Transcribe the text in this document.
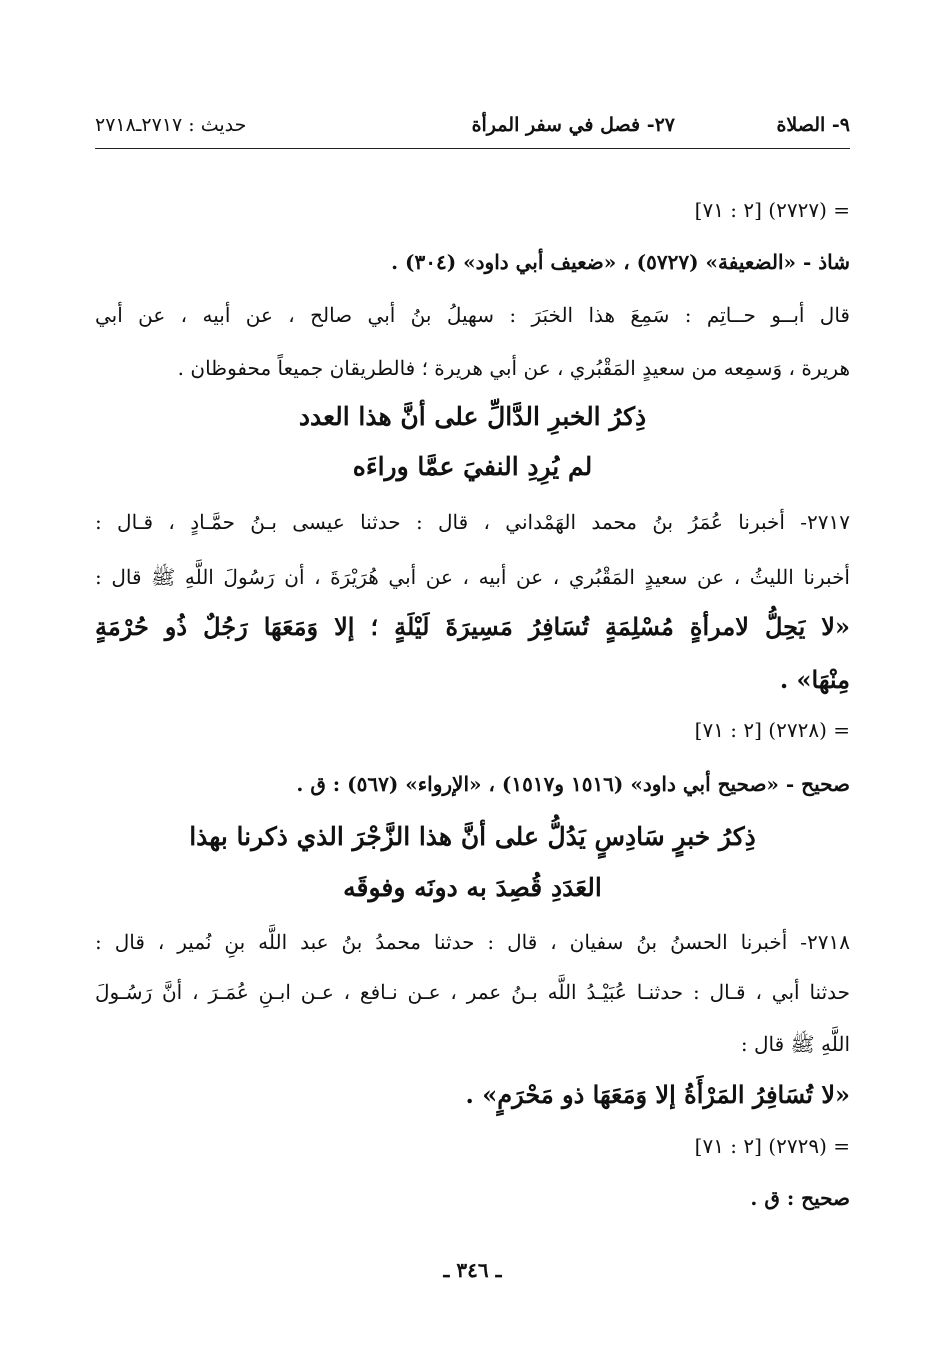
٩- الصلاة
٢٧- فصل في سفر المرأة
حديث : ٢٧١٧ـ٢٧١٨
= (٢٧٢٧) [٢ : ٧١]
شاذ - «الضعيفة» (٥٧٢٧) ، «ضعيف أبي داود» (٣٠٤) .
قال أبــو حــاتِم : سَمِعَ هذا الخبَرَ : سهيلُ بنُ أبي صالح ، عن أبيه ، عن أبي
هريرة ، وَسمِعه من سعيدٍ المَقْبُري ، عن أبي هريرة ؛ فالطريقان جميعاً محفوظان .
ذِكرُ الخبرِ الدَّالِّ على أنَّ هذا العدد
لم يُرِدِ النفيَ عمَّا وراءَه
٢٧١٧- أخبرنا عُمَرُ بنُ محمد الهَمْداني ، قال : حدثنا عيسى بـنُ حمَّـادٍ ، قـال :
أخبرنا الليثُ ، عن سعيدٍ المَقْبُري ، عن أبيه ، عن أبي هُرَيْرَةَ ، أن رَسُولَ اللَّهِ ﷺ قال :
«لا يَحِلُّ لامرأةٍ مُسْلِمَةٍ تُسَافِرُ مَسِيرَةَ لَيْلَةٍ ؛ إلا وَمَعَهَا رَجُلٌ ذُو حُرْمَةٍ
مِنْهَا» .
= (٢٧٢٨) [٢ : ٧١]
صحيح - «صحيح أبي داود» (١٥١٦ و١٥١٧) ، «الإرواء» (٥٦٧) : ق .
ذِكرُ خبرٍ سَادِسٍ يَدُلُّ على أنَّ هذا الزَّجْرَ الذي ذكرنا بهذا
العَدَدِ قُصِدَ به دونَه وفوقَه
٢٧١٨- أخبرنا الحسنُ بنُ سفيان ، قال : حدثنا محمدُ بنُ عبد اللَّه بنِ نُمير ، قال :
حدثنا أبي ، قـال : حدثنـا عُبَيْـدُ اللَّه بـنُ عمر ، عـن نـافع ، عـن ابـنِ عُمَـرَ ، أنَّ رَسُـولَ
اللَّهِ ﷺ قال :
«لا تُسَافِرُ المَرْأَةُ إلا وَمَعَهَا ذو مَحْرَمٍ» .
= (٢٧٢٩) [٢ : ٧١]
صحيح : ق .
ـ ٣٤٦ ـ
